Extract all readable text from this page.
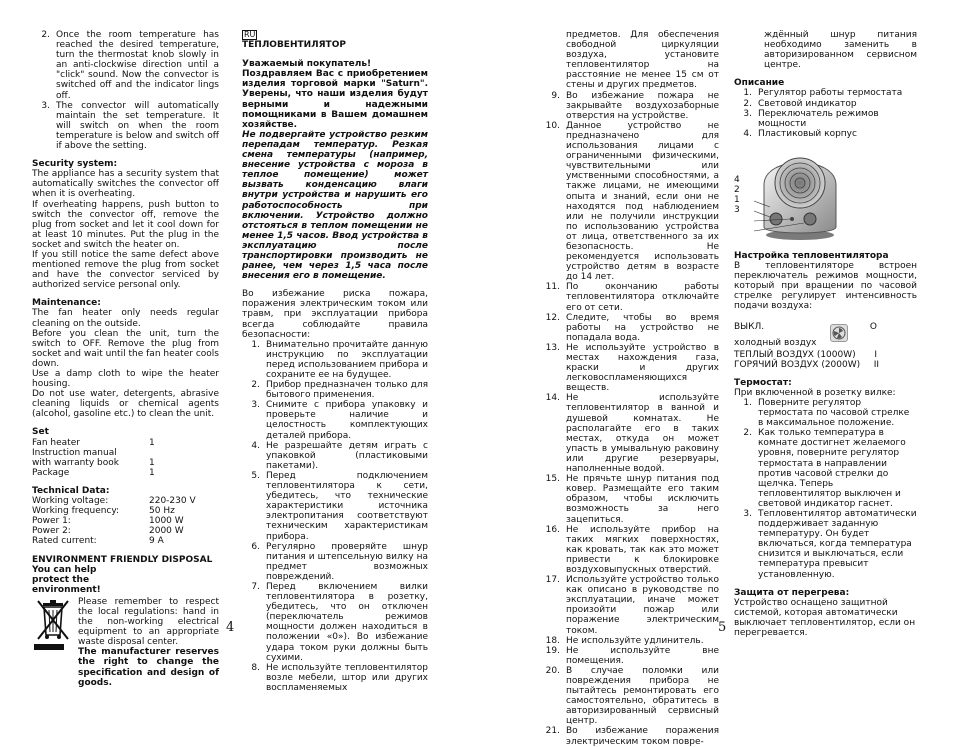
2. Once the room temperature has reached the desired temperature, turn the thermostat knob slowly in an anti-clockwise direction until a "click" sound. Now the convector is switched off and the indicator lings off.
3. The convector will automatically maintain the set temperature. It will switch on when the room temperature is below and switch off if above the setting.
Security system:

The appliance has a security system that automatically switches the convector off when it is overheating.
If overheating happens, push button to switch the convector off, remove the plug from socket and let it cool down for at least 10 minutes. Put the plug in the socket and switch the heater on.
If you still notice the same defect above mentioned remove the plug from socket and have the convector serviced by authorized service personal only.

Maintenance:

The fan heater only needs regular cleaning on the outside.
Before you clean the unit, turn the switch to OFF. Remove the plug from socket and wait until the fan heater cools down.
Use a damp cloth to wipe the heater housing.
Do not use water, detergents, abrasive cleaning liquids or chemical agents (alcohol, gasoline etc.) to clean the unit.

Set
Fan heater	1
Instruction manual
with warranty book	1
Package	1
Technical Data:
Working voltage:	220-230 V
Working frequency:	50 Hz
Power 1:	1000 W
Power 2:	2000 W
Rated current:	9 A
ENVIRONMENT FRIENDLY DISPOSAL
You can help protect the environment!

Please remember to respect the local regulations: hand in the non-working electrical equipment to an appropriate waste disposal center.

The manufacturer reserves the right to change the specification and design of goods.

4
RU
ТЕПЛОВЕНТИЛЯТОР
Уважаемый покупатель!

Поздравляем Вас с приобретением изделия торговой марки "Saturn". Уверены, что наши изделия будут верными и надежными помощниками в Вашем домашнем хозяйстве.

Не подвергайте устройство резким перепадам температур. Резкая смена температуры (например, внесение устройства с мороза в теплое помещение) может вызвать конденсацию влаги внутри устройства и нарушить его работоспособность при включении. Устройство должно отстояться в теплом помещении не менее 1,5 часов. Ввод устройства в эксплуатацию после транспортировки производить не ранее, чем через 1,5 часа после внесения его в помещение.

Во избежание риска пожара, поражения электрическим током или травм, при эксплуатации прибора всегда соблюдайте правила безопасности:

1. Внимательно прочитайте данную инструкцию по эксплуатации перед использованием прибора и сохраните ее на будущее.
2. Прибор предназначен только для бытового применения.
3. Снимите с прибора упаковку и проверьте наличие и целостность комплектующих деталей прибора.
4. Не разрешайте детям играть с упаковкой (пластиковыми пакетами).
5. Перед подключением тепловентилятора к сети, убедитесь, что технические характеристики источника электропитания соответствуют техническим характеристикам прибора.
6. Регулярно проверяйте шнур питания и штепсельную вилку на предмет возможных повреждений.
7. Перед включением вилки тепловентилятора в розетку, убедитесь, что он отключен (переключатель режимов мощности должен находиться в положении «0»). Во избежание удара током руки должны быть сухими.
8. Не используйте тепловентилятор возле мебели, штор или других воспламеняемых
предметов. Для обеспечения свободной циркуляции воздуха, установите тепловентилятор на расстояние не менее 15 см от стены и других предметов.
9. Во избежание пожара не закрывайте воздухозаборные отверстия на устройстве.
10. Данное устройство не предназначено для использования лицами с ограниченными физическими, чувствительными или умственными способностями, а также лицами, не имеющими опыта и знаний, если они не находятся под наблюдением или не получили инструкции по использованию устройства от лица, ответственного за их безопасность. Не рекомендуется использовать устройство детям в возрасте до 14 лет.
11. По окончанию работы тепловентилятора отключайте его от сети.
12. Следите, чтобы во время работы на устройство не попадала вода.
13. Не используйте устройство в местах нахождения газа, краски и других легковоспламеняющихся веществ.
14. Не используйте тепловентилятор в ванной и душевой комнатах. Не располагайте его в таких местах, откуда он может упасть в умывальную раковину или другие резервуары, наполненные водой.
15. Не прячьте шнур питания под ковер. Размещайте его таким образом, чтобы исключить возможность за него зацепиться.
16. Не используйте прибор на таких мягких поверхностях, как кровать, так как это может привести к блокировке воздуховыпускных отверстий.
17. Используйте устройство только как описано в руководстве по эксплуатации, иначе может произойти пожар или поражение электрическим током.
18. Не используйте удлинитель.
19. Не используйте вне помещения.
20. В случае поломки или повреждения прибора не пытайтесь ремонтировать его самостоятельно, обратитесь в авторизированный сервисный центр.
21. Во избежание поражения электрическим током повре-
5

ждённый шнур питания необходимо заменить в авторизированном сервисном центре.

Описание
1. Регулятор работы термостата
2. Световой индикатор
3. Переключатель режимов мощности
4. Пластиковый корпус
4
2
1
3
Настройка тепловентилятора

В тепловентиляторе встроен переключатель режимов мощности, который при вращении по часовой стрелке регулирует интенсивность подачи воздуха:

ВЫКЛ.	O
холодный воздух
ТЕПЛЫЙ ВОЗДУХ (1000W) I
ГОРЯЧИЙ ВОЗДУХ (2000W) II
Термостат:
При включенной в розетку вилке:
1. Поверните регулятор термостата по часовой стрелке в максимальное положение.
2. Как только температура в комнате достигнет желаемого уровня, поверните регулятор термостата в направлении против часовой стрелки до щелчка. Теперь тепловентилятор выключен и световой индикатор гаснет.
3. Тепловентилятор автоматически поддерживает заданную температуру. Он будет включаться, когда температура снизится и выключаться, если температура превысит установленную.
Защита от перегрева:

Устройство оснащено защитной системой, которая автоматически выключает тепловентилятор, если он перегревается.
